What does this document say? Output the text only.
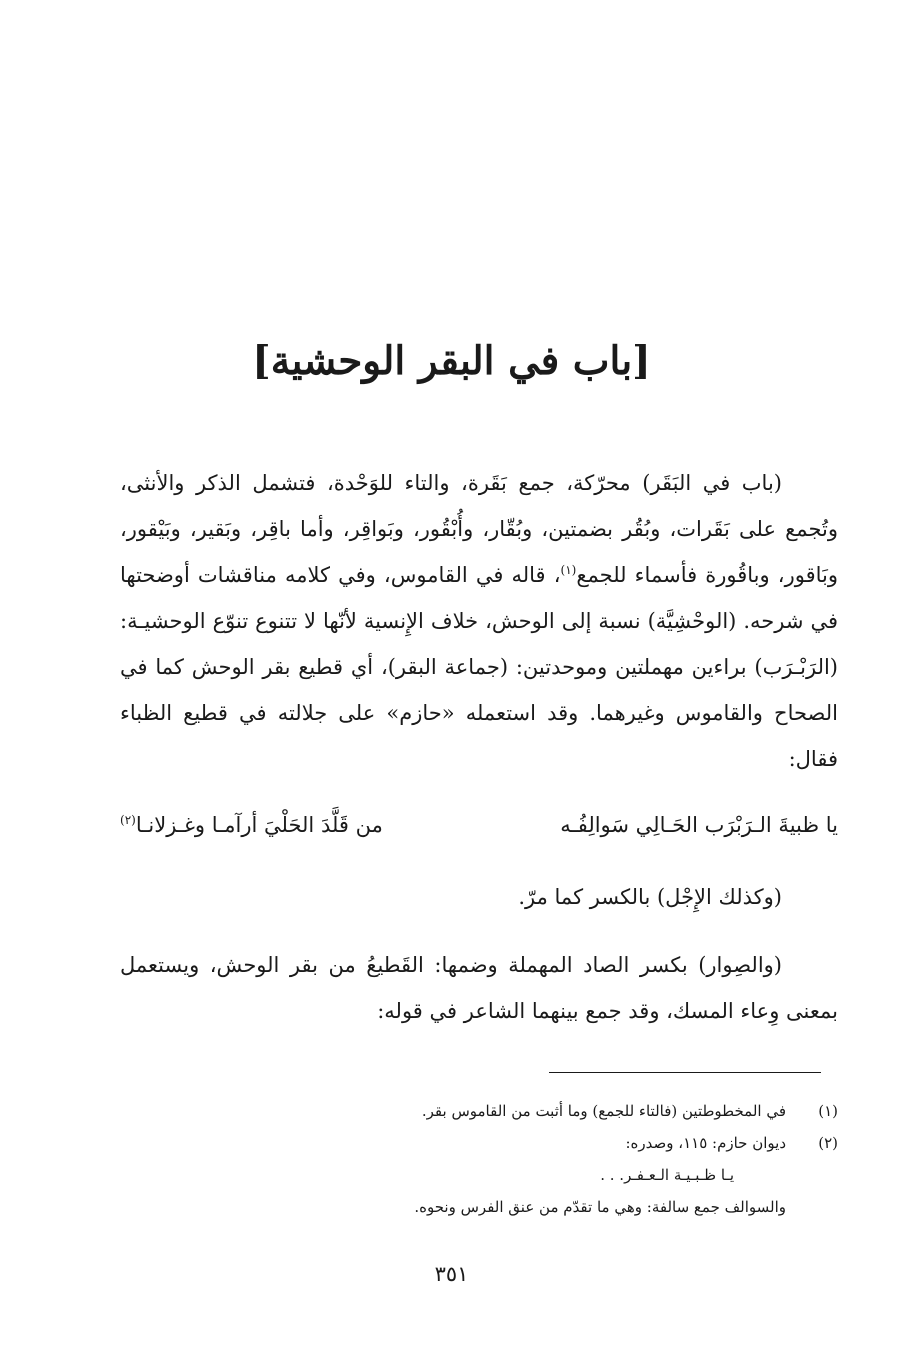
[باب في البقر الوحشية]

(باب في البَقَر) محرّكة، جمع بَقَرة، والتاء للوَحْدة، فتشمل الذكر والأنثى، وتُجمع على بَقَرات، وبُقُر بضمتين، وبُقّار، وأُبْقُور، وبَواقِر، وأما باقِر، وبَقير، وبَيْقور، وبَاقور، وباقُورة فأسماء للجمع$^{(١)}$، قاله في القاموس، وفي كلامه مناقشات أوضحتها في شرحه. (الوحْشِيَّة) نسبة إلى الوحش، خلاف الإِنسية لأنّها لا تتنوع تنوّع الوحشيـة: (الرَبْـرَب) براءين مهملتين وموحدتين: (جماعة البقر)، أي قطيع بقر الوحش كما في الصحاح والقاموس وغيرهما. وقد استعمله «حازم» على جلالته في قطيع الظباء فقال:

يا ظبيةَ الـرَبْرَب الحَـالِي سَوالِفُـه
من قَلَّدَ الحَلْيَ أرآمـا وغـزلانـا$^{(٢)}$

(وكذلك الإِجْل) بالكسر كما مرّ.

(والصِوار) بكسر الصاد المهملة وضمها: القَطيعُ من بقر الوحش، ويستعمل بمعنى وِعاء المسك، وقد جمع بينهما الشاعر في قوله:

(١)
في المخطوطتين (فالتاء للجمع) وما أثبت من القاموس بقر.
(٢)
ديوان حازم: ١١٥، وصدره:
يـا ظـبـيـة الـعـفـر. . .
والسوالف جمع سالفة: وهي ما تقدّم من عنق الفرس ونحوه.
٣٥١
